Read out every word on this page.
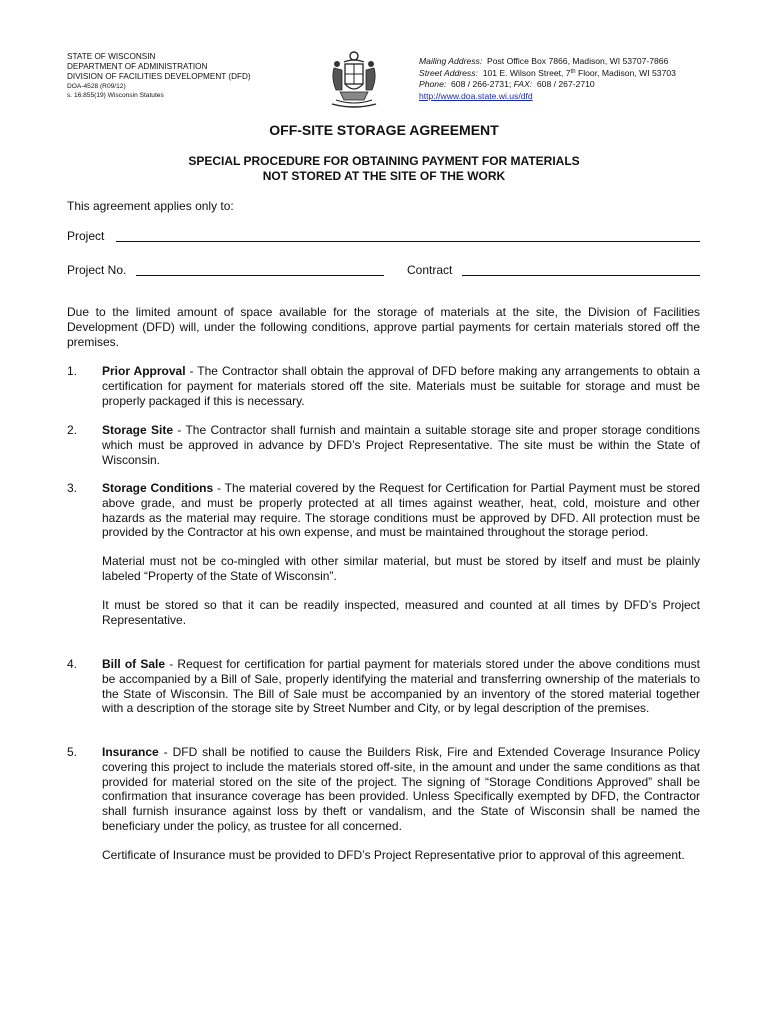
STATE OF WISCONSIN
DEPARTMENT OF ADMINISTRATION
DIVISION OF FACILITIES DEVELOPMENT (DFD)
DOA-4528 (R09/12)
s. 16.855(19) Wisconsin Statutes
Mailing Address: Post Office Box 7866, Madison, WI 53707-7866
Street Address: 101 E. Wilson Street, 7th Floor, Madison, WI 53703
Phone: 608 / 266-2731; FAX: 608 / 267-2710
http://www.doa.state.wi.us/dfd
OFF-SITE STORAGE AGREEMENT
SPECIAL PROCEDURE FOR OBTAINING PAYMENT FOR MATERIALS
NOT STORED AT THE SITE OF THE WORK
This agreement applies only to:
Project
Project No.	Contract
Due to the limited amount of space available for the storage of materials at the site, the Division of Facilities Development (DFD) will, under the following conditions, approve partial payments for certain materials stored off the premises.
1. Prior Approval - The Contractor shall obtain the approval of DFD before making any arrangements to obtain a certification for payment for materials stored off the site. Materials must be suitable for storage and must be properly packaged if this is necessary.

2. Storage Site - The Contractor shall furnish and maintain a suitable storage site and proper storage conditions which must be approved in advance by DFD’s Project Representative. The site must be within the State of Wisconsin.

3. Storage Conditions - The material covered by the Request for Certification for Partial Payment must be stored above grade, and must be properly protected at all times against weather, heat, cold, moisture and other hazards as the material may require. The storage conditions must be approved by DFD. All protection must be provided by the Contractor at his own expense, and must be maintained throughout the storage period.

Material must not be co-mingled with other similar material, but must be stored by itself and must be plainly labeled “Property of the State of Wisconsin”.

It must be stored so that it can be readily inspected, measured and counted at all times by DFD’s Project Representative.

4. Bill of Sale - Request for certification for partial payment for materials stored under the above conditions must be accompanied by a Bill of Sale, properly identifying the material and transferring ownership of the materials to the State of Wisconsin. The Bill of Sale must be accompanied by an inventory of the stored material together with a description of the storage site by Street Number and City, or by legal description of the premises.

5. Insurance - DFD shall be notified to cause the Builders Risk, Fire and Extended Coverage Insurance Policy covering this project to include the materials stored off-site, in the amount and under the same conditions as that provided for material stored on the site of the project. The signing of “Storage Conditions Approved” shall be confirmation that insurance coverage has been provided. Unless Specifically exempted by DFD, the Contractor shall furnish insurance against loss by theft or vandalism, and the State of Wisconsin shall be named the beneficiary under the policy, as trustee for all concerned.

Certificate of Insurance must be provided to DFD’s Project Representative prior to approval of this agreement.
